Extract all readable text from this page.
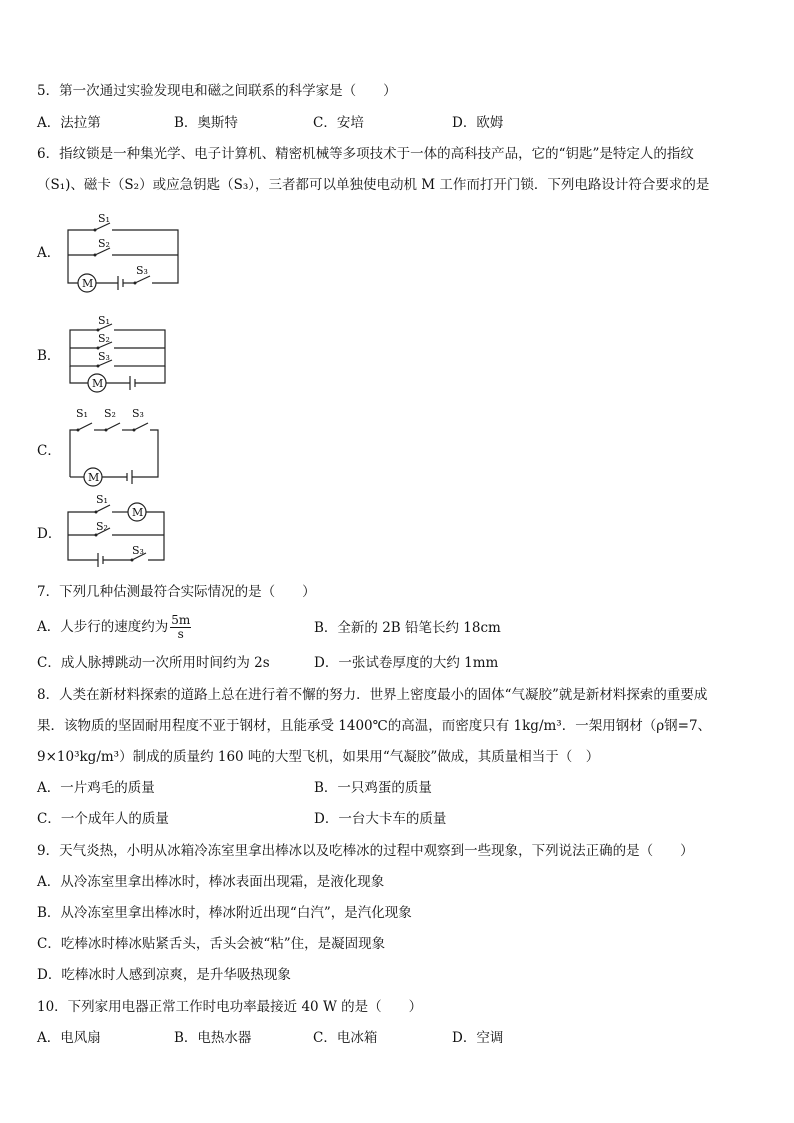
5．第一次通过实验发现电和磁之间联系的科学家是（　　）
A．法拉第	B．奥斯特	C．安培	D．欧姆
6．指纹锁是一种集光学、电子计算机、精密机械等多项技术于一体的高科技产品，它的“钥匙”是特定人的指纹
（S₁)、磁卡（S₂）或应急钥匙（S₃），三者都可以单独使电动机 M 工作而打开门锁．下列电路设计符合要求的是
A．
S₁
S₂
S₃
M
B．
S₁
S₂
S₃
M
C．
S₁ S₂ S₃
M
D．
S₁
S₂
S₃
M
7．下列几种估测最符合实际情况的是（　　）
A．人步行的速度约为 $\frac{5m}{s}$	B．全新的 2B 铅笔长约 18cm
C．成人脉搏跳动一次所用时间约为 2s	D．一张试卷厚度的大约 1mm
8．人类在新材料探索的道路上总在进行着不懈的努力．世界上密度最小的固体“气凝胶”就是新材料探索的重要成
果．该物质的坚固耐用程度不亚于钢材，且能承受 1400℃的高温，而密度只有 1kg/m³．一架用钢材（ρ钢=7、
9×10³kg/m³）制成的质量约 160 吨的大型飞机，如果用“气凝胶”做成，其质量相当于（　）
A．一片鸡毛的质量	B．一只鸡蛋的质量
C．一个成年人的质量	D．一台大卡车的质量
9．天气炎热，小明从冰箱冷冻室里拿出棒冰以及吃棒冰的过程中观察到一些现象，下列说法正确的是（　　）
A．从冷冻室里拿出棒冰时，棒冰表面出现霜，是液化现象
B．从冷冻室里拿出棒冰时，棒冰附近出现“白汽”，是汽化现象
C．吃棒冰时棒冰贴紧舌头，舌头会被“粘”住，是凝固现象
D．吃棒冰时人感到凉爽，是升华吸热现象
10．下列家用电器正常工作时电功率最接近 40 W 的是（　　）
A．电风扇	B．电热水器	C．电冰箱	D．空调
